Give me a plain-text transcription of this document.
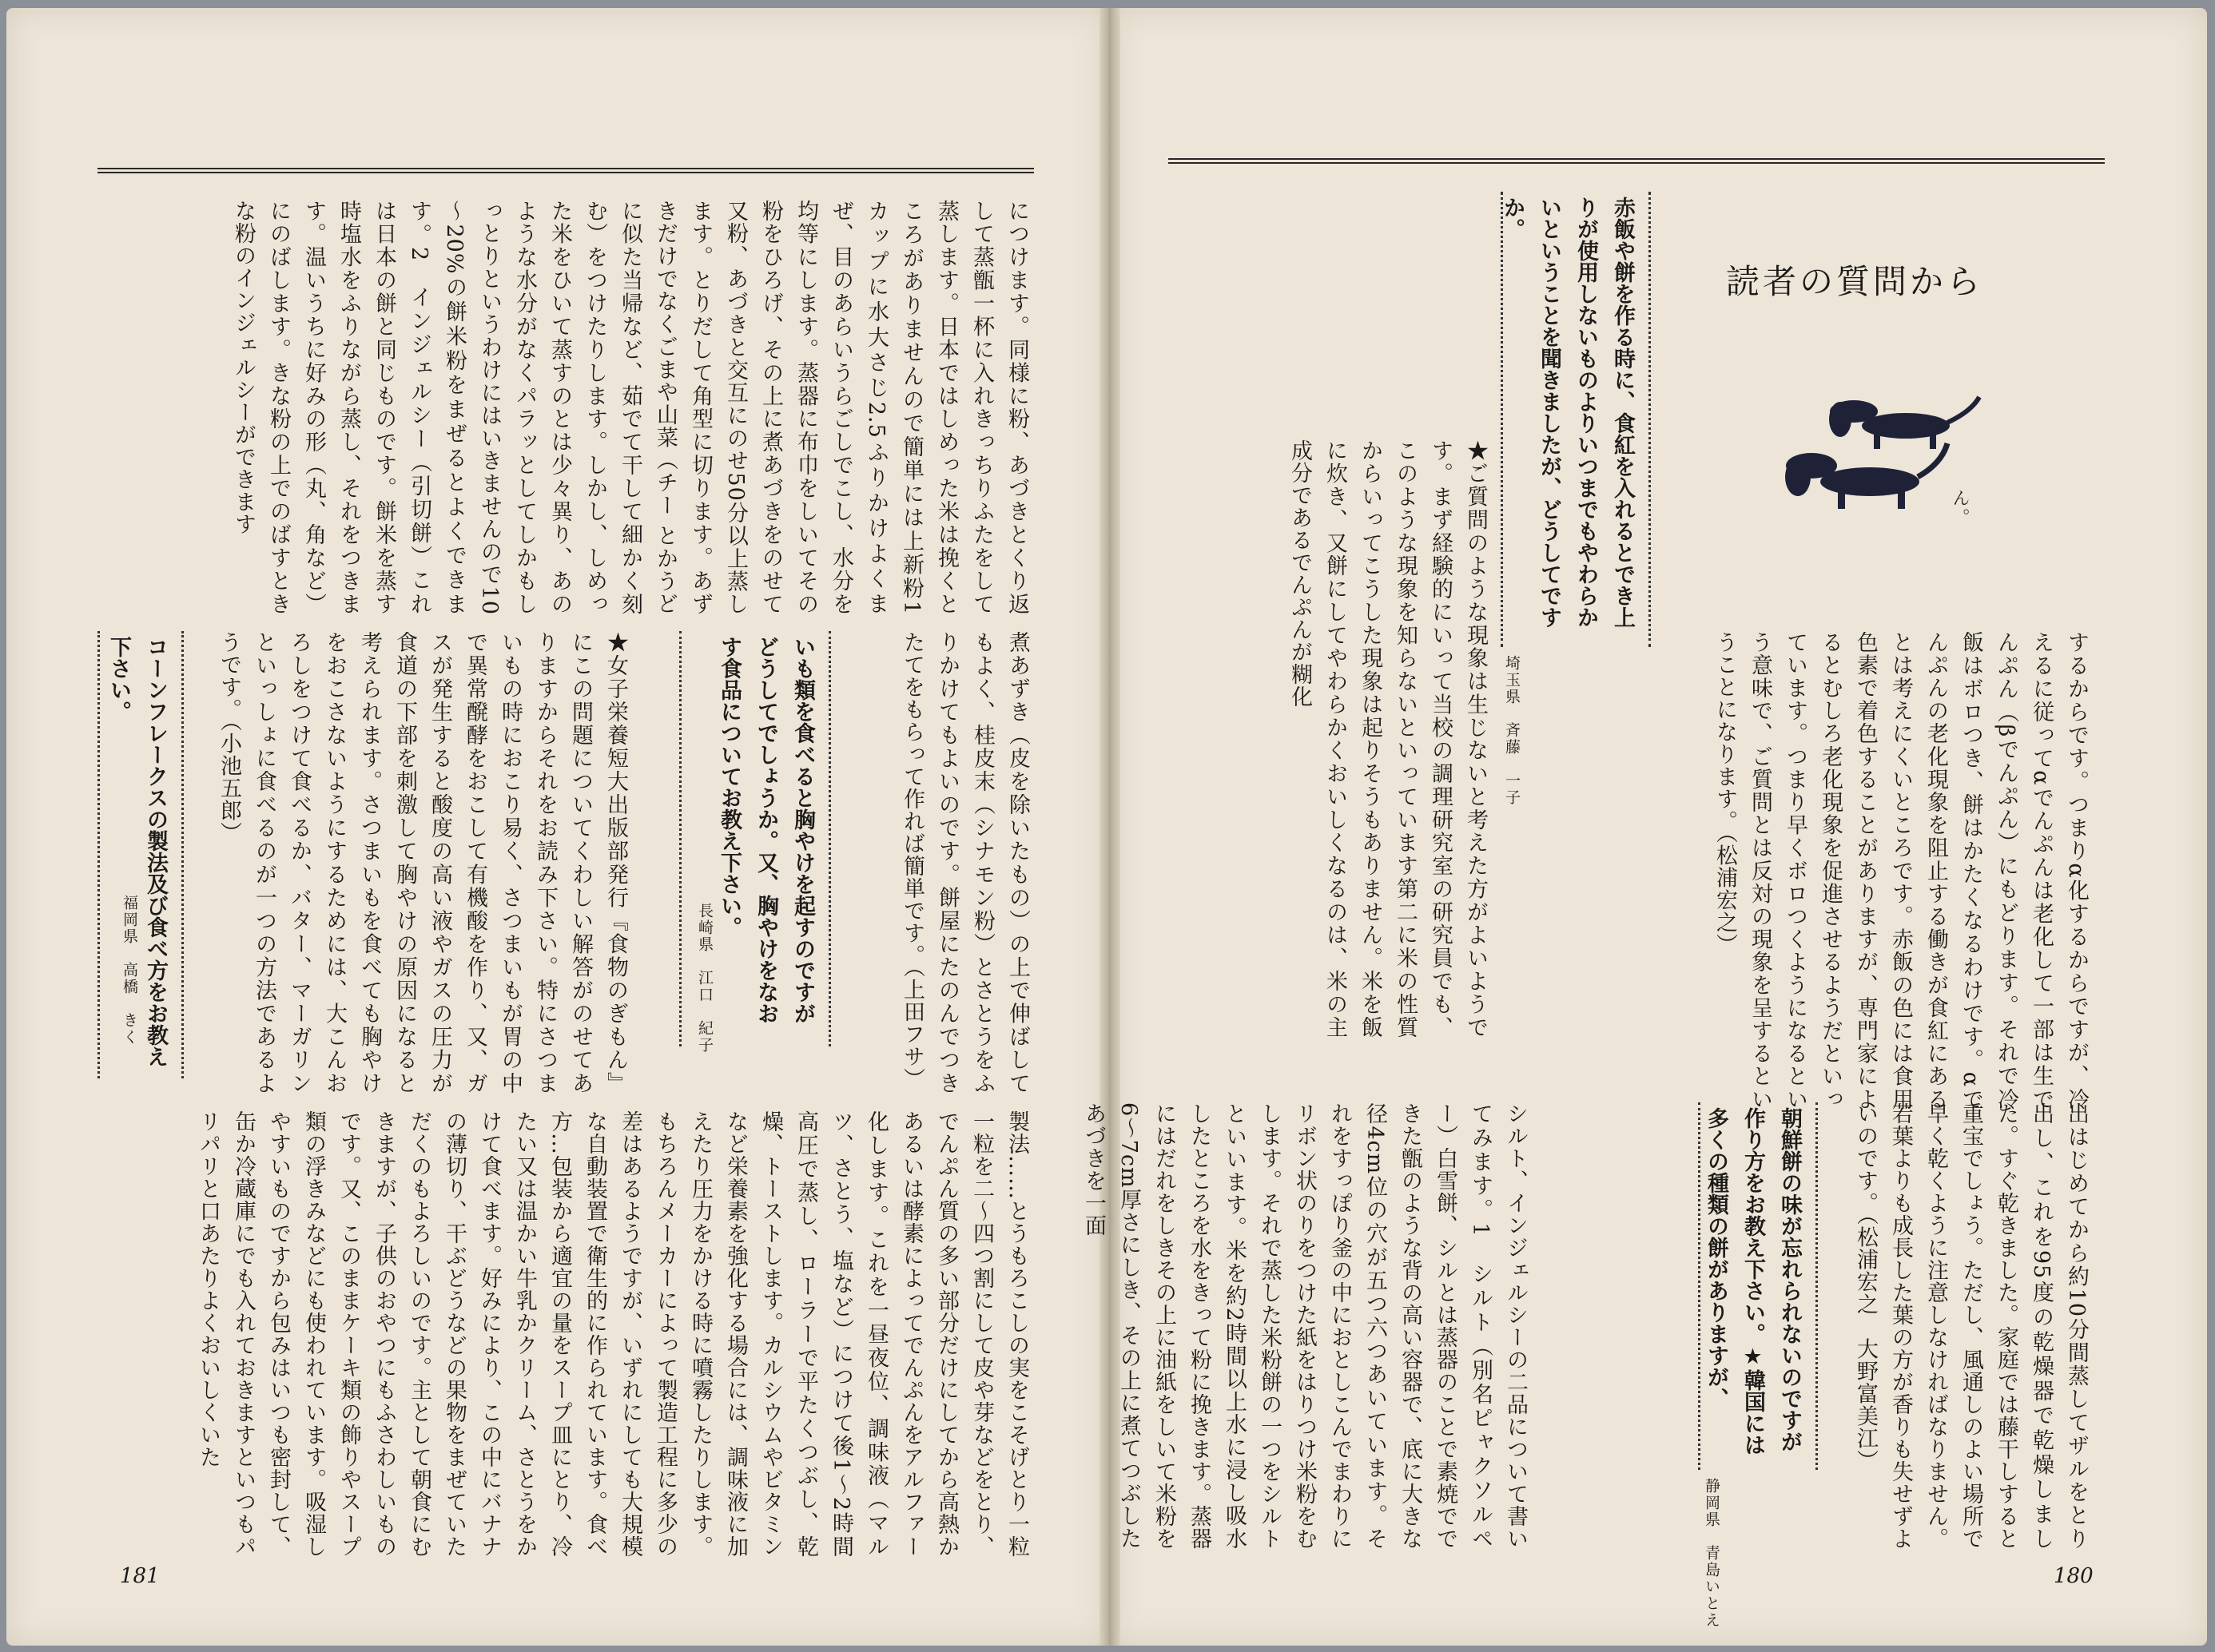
読者の質問から
ん。
★ご質問のような現象は生じないと考えた方がよいようです。まず経験的にいって当校の調理研究室の研究員でも、このような現象を知らないといっています第二に米の性質からいってこうした現象は起りそうもありません。米を飯に炊き、又餅にしてやわらかくおいしくなるのは、米の主成分であるでんぷんが糊化	赤飯や餅を作る時に、食紅を入れるとでき上りが使用しないものよりいつまでもやわらかいということを聞きましたが、どうしてですか。
埼玉県　斉藤　一子	するからです。つまりα化するからですが、冷えるに従ってαでんぷんは老化して一部は生でんぷん（βでんぷん）にもどります。それで冷飯はボロつき、餅はかたくなるわけです。αでんぷんの老化現象を阻止する働きが食紅にあるとは考えにくいところです。赤飯の色には食用色素で着色することがありますが、専門家によるとむしろ老化現象を促進させるようだといっています。つまり早くボロつくようになるという意味で、ご質問とは反対の現象を呈するということになります。（松浦宏之）
シルト、インジェルシーの二品について書いてみます。1　シルト（別名ピャクソルペー）白雪餅、シルとは蒸器のことで素焼でできた甑のような背の高い容器で、底に大きな径4cm位の穴が五つ六つあいています。それをすっぽり釜の中におとしこんでまわりにリボン状のりをつけた紙をはりつけ米粉をむします。それで蒸した米粉餅の一つをシルトといいます。米を約2時間以上水に浸し吸水したところを水をきって粉に挽きます。蒸器にはだれをしきその上に油紙をしいて米粉を6～7cm厚さにしき、その上に煮てつぶしたあづきを一面	朝鮮餅の味が忘れられないのですが作り方をお教え下さい。★韓国には多くの種類の餅がありますが、
静岡県　青島いとえ
出はじめてから約10分間蒸してザルをとり出し、これを95度の乾燥器で乾燥しました。すぐ乾きました。家庭では藤干しすると重宝でしょう。ただし、風通しのよい場所で早く乾くように注意しなければなりません。若葉よりも成長した葉の方が香りも失せずよいのです。（松浦宏之　大野富美江）
につけます。同様に粉、あづきとくり返して蒸甑一杯に入れきっちりふたをして蒸します。日本ではしめった米は挽くところがありませんので簡単には上新粉1カップに水大さじ2.5ふりかけよくまぜ、目のあらいうらごしでこし、水分を均等にします。蒸器に布巾をしいてその粉をひろげ、その上に煮あづきをのせて又粉、あづきと交互にのせ50分以上蒸します。とりだして角型に切ります。あずきだけでなくごまや山菜（チー とかうどに似た当帰など、茹でて干して細かく刻む）をつけたりします。しかし、しめった米をひいて蒸すのとは少々異り、あのような水分がなくパラッとしてしかもしっとりというわけにはいきませんので10～20%の餅米粉をまぜるとよくできます。2　インジェルシー（引切餅）これは日本の餅と同じものです。餅米を蒸す時塩水をふりながら蒸し、それをつきます。温いうちに好みの形（丸、角など）にのばします。きな粉の上でのばすときな粉のインジェルシーができます
コーンフレークスの製法及び食べ方をお教え下さい。
福岡県　高橋　きく	★女子栄養短大出版部発行『食物のぎもん』にこの問題についてくわしい解答がのせてありますからそれをお読み下さい。特にさつまいもの時におこり易く、さつまいもが胃の中で異常醗酵をおこして有機酸を作り、又、ガスが発生すると酸度の高い液やガスの圧力が食道の下部を刺激して胸やけの原因になると考えられます。さつまいもを食べても胸やけをおこさないようにするためには、大こんおろしをつけて食べるか、バター、マーガリンといっしょに食べるのが一つの方法であるようです。（小池五郎）	いも類を食べると胸やけを起すのですがどうしてでしょうか。又、胸やけをなおす食品についてお教え下さい。
長崎県　江口　紀子	煮あずき（皮を除いたもの）の上で伸ばしてもよく、桂皮末（シナモン粉）とさとうをふりかけてもよいのです。餅屋にたのんでつきたてをもらって作れば簡単です。（上田フサ）
製法……とうもろこしの実をこそげとり一粒一粒を二～四つ割にして皮や芽などをとり、でんぷん質の多い部分だけにしてから高熱かあるいは酵素によってでんぷんをアルファー化します。これを一昼夜位、調味液（マルツ、さとう、塩など）につけて後1～2時間高圧で蒸し、ローラーで平たくつぶし、乾燥、トーストします。カルシウムやビタミンなど栄養素を強化する場合には、調味液に加えたり圧力をかける時に噴霧したりします。もちろんメーカーによって製造工程に多少の差はあるようですが、いずれにしても大規模な自動装置で衛生的に作られています。食べ方…包装から適宜の量をスープ皿にとり、冷たい又は温かい牛乳かクリーム、さとうをかけて食べます。好みにより、この中にバナナの薄切り、干ぶどうなどの果物をまぜていただくのもよろしいのです。主として朝食にむきますが、子供のおやつにもふさわしいものです。又、このままケーキ類の飾りやスープ類の浮きみなどにも使われています。吸湿しやすいものですから包みはいつも密封して、缶か冷蔵庫にでも入れておきますといつもパリパリと口あたりよくおいしくいた
181	180
